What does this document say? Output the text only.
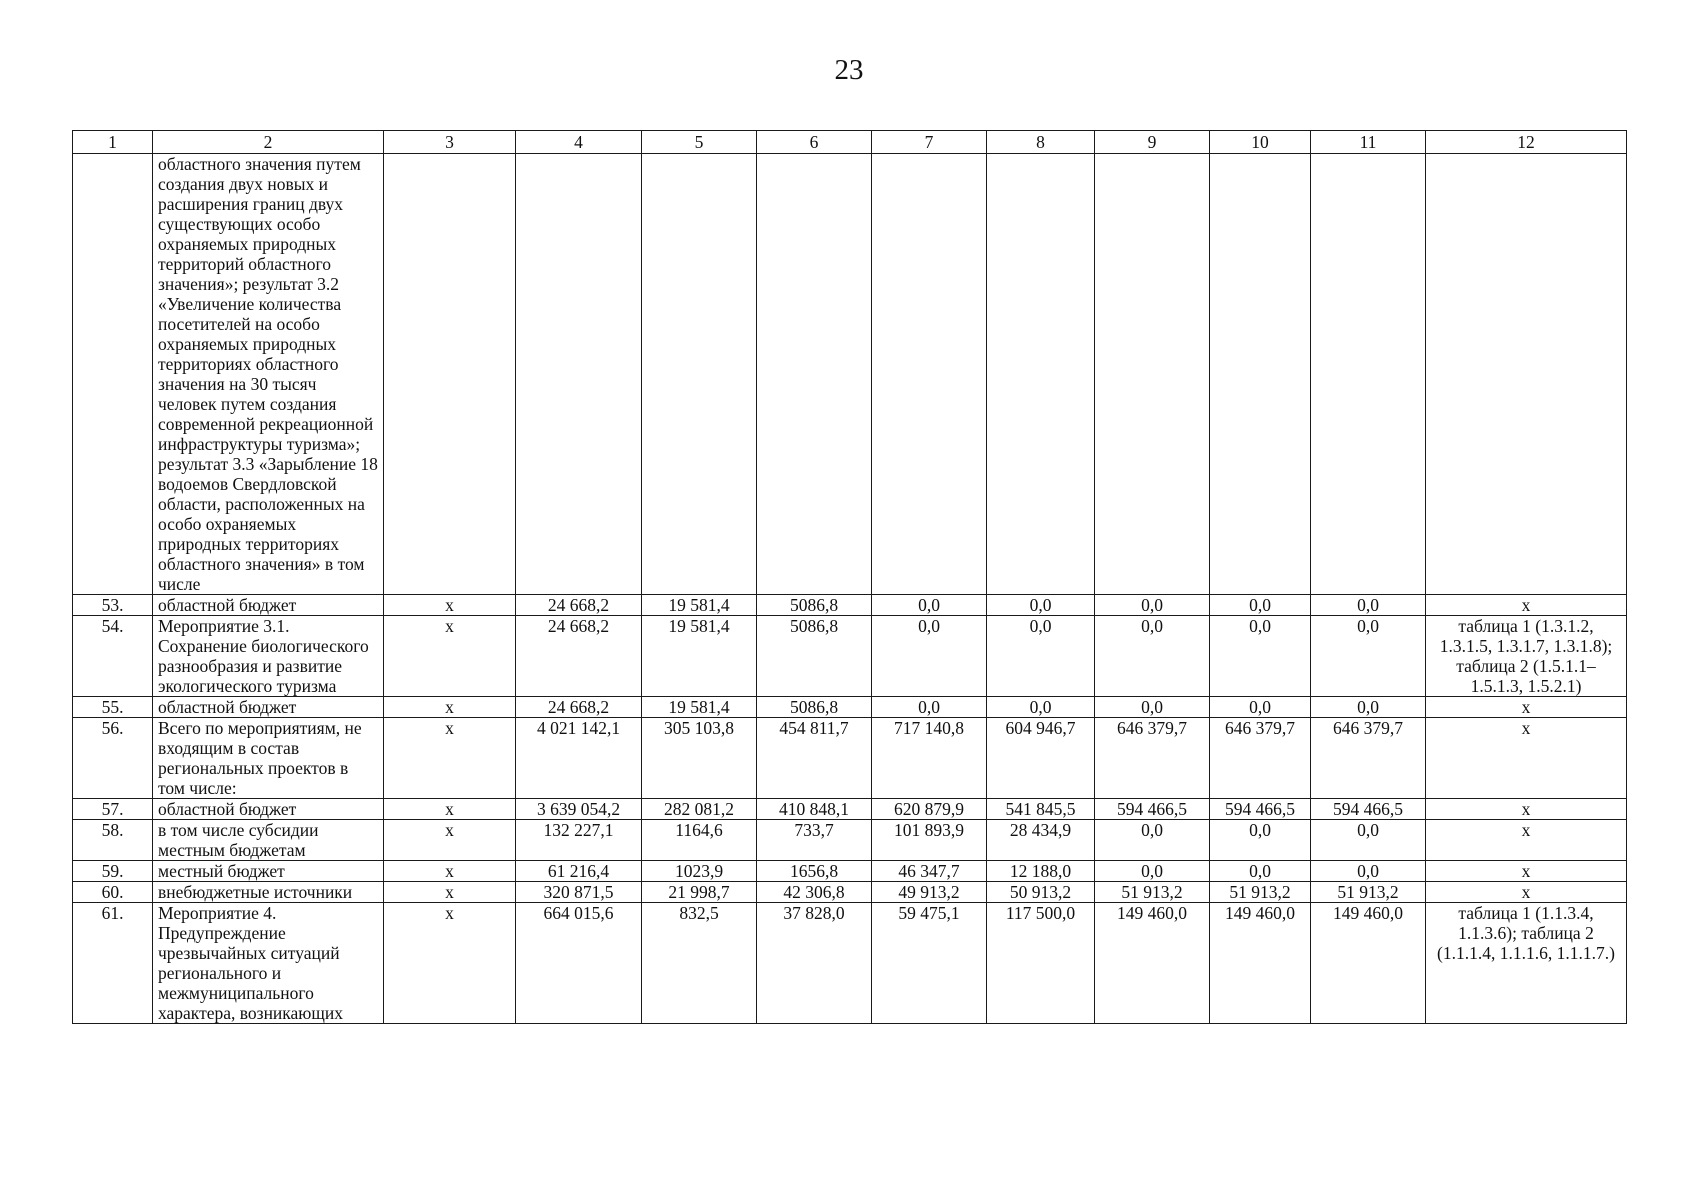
23
1	2	3	4	5	6	7	8	9	10	11	12
	областного значения путем создания двух новых и расширения границ двух существующих особо охраняемых природных территорий областного значения»; результат 3.2 «Увеличение количества посетителей на особо охраняемых природных территориях областного значения на 30 тысяч человек путем создания современной рекреационной инфраструктуры туризма»; результат 3.3 «Зарыбление 18 водоемов Свердловской области, расположенных на особо охраняемых природных территориях областного значения» в том числе										
53.	областной бюджет	х	24 668,2	19 581,4	5086,8	0,0	0,0	0,0	0,0	0,0	х
54.	Мероприятие 3.1. Сохранение биологического разнообразия и развитие экологического туризма	х	24 668,2	19 581,4	5086,8	0,0	0,0	0,0	0,0	0,0	таблица 1 (1.3.1.2, 1.3.1.5, 1.3.1.7, 1.3.1.8); таблица 2 (1.5.1.1– 1.5.1.3, 1.5.2.1)
55.	областной бюджет	х	24 668,2	19 581,4	5086,8	0,0	0,0	0,0	0,0	0,0	х
56.	Всего по мероприятиям, не входящим в состав региональных проектов в том числе:	х	4 021 142,1	305 103,8	454 811,7	717 140,8	604 946,7	646 379,7	646 379,7	646 379,7	х
57.	областной бюджет	х	3 639 054,2	282 081,2	410 848,1	620 879,9	541 845,5	594 466,5	594 466,5	594 466,5	х
58.	в том числе субсидии местным бюджетам	х	132 227,1	1164,6	733,7	101 893,9	28 434,9	0,0	0,0	0,0	х
59.	местный бюджет	х	61 216,4	1023,9	1656,8	46 347,7	12 188,0	0,0	0,0	0,0	х
60.	внебюджетные источники	х	320 871,5	21 998,7	42 306,8	49 913,2	50 913,2	51 913,2	51 913,2	51 913,2	х
61.	Мероприятие 4. Предупреждение чрезвычайных ситуаций регионального и межмуниципального характера, возникающих	х	664 015,6	832,5	37 828,0	59 475,1	117 500,0	149 460,0	149 460,0	149 460,0	таблица 1 (1.1.3.4, 1.1.3.6); таблица 2 (1.1.1.4, 1.1.1.6, 1.1.1.7.)
